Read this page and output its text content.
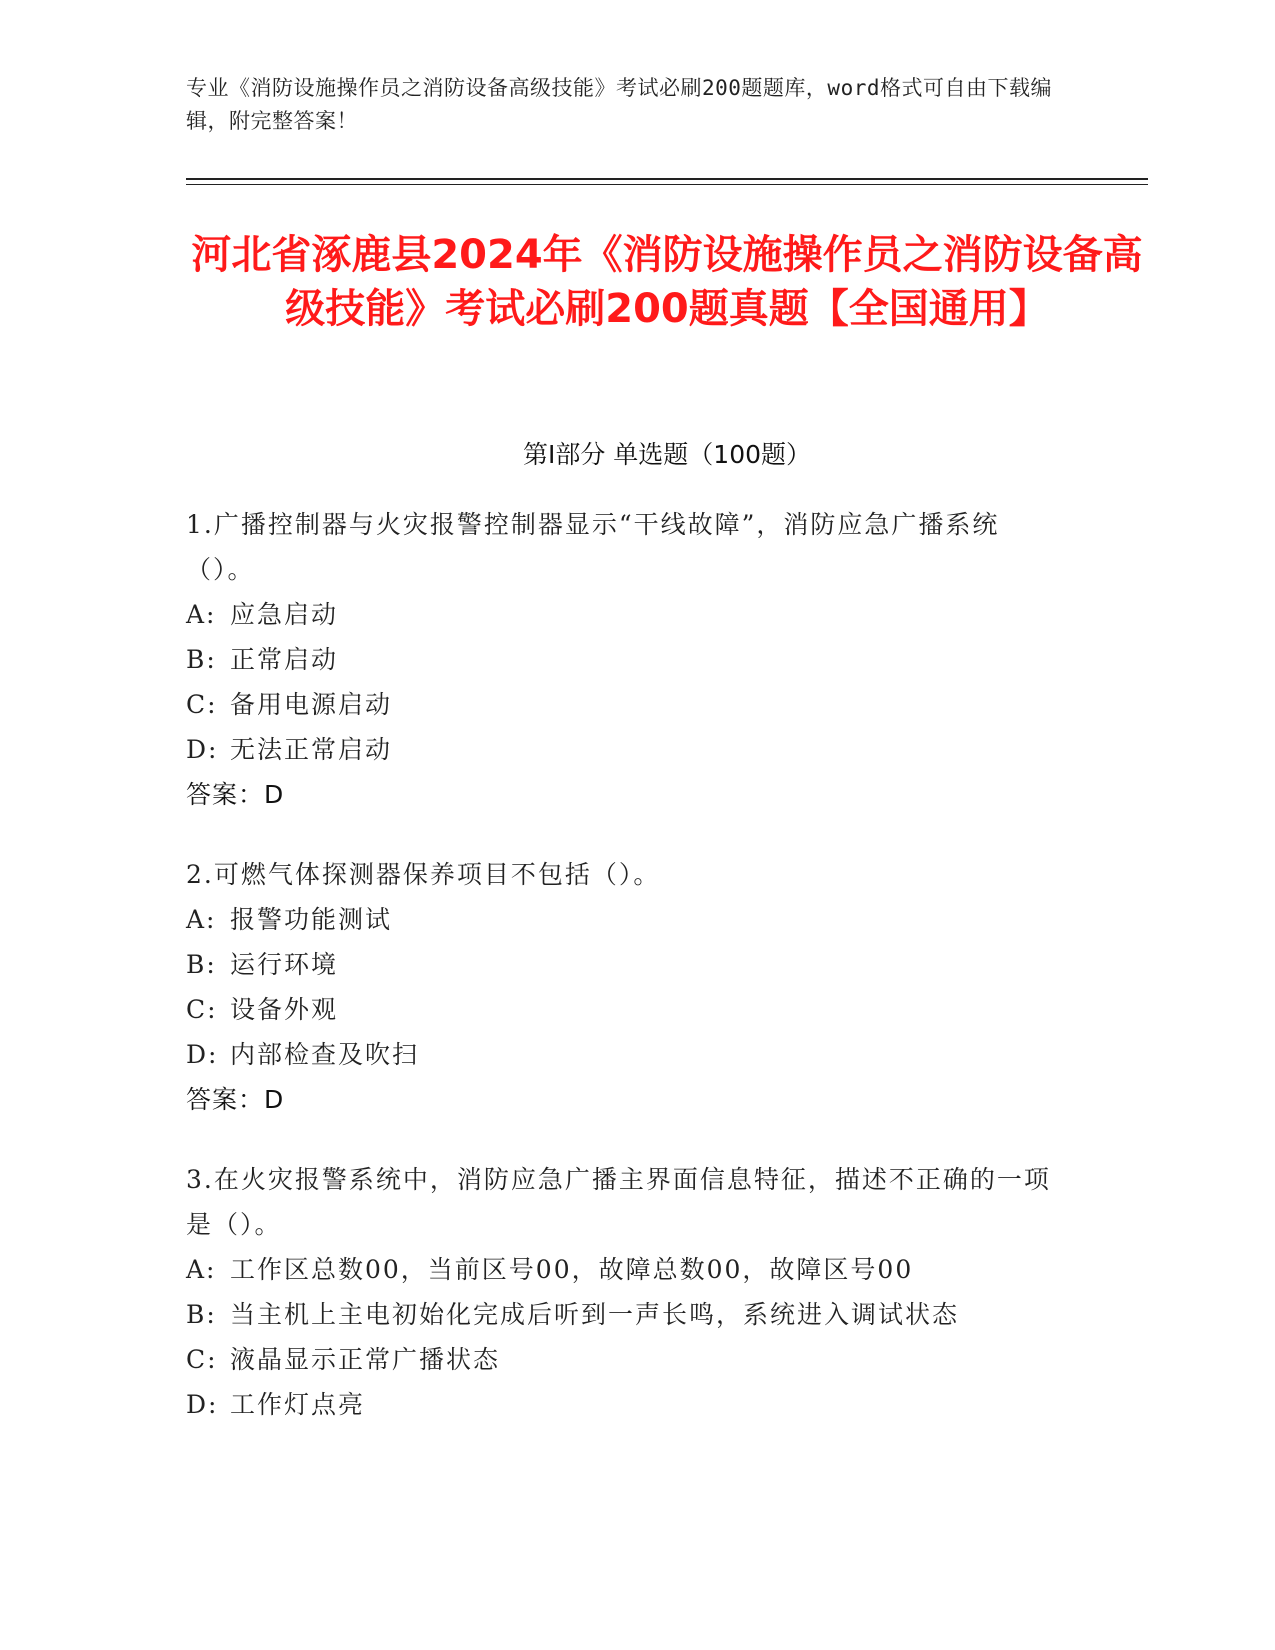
专业《消防设施操作员之消防设备高级技能》考试必刷200题题库，word格式可自由下载编辑，附完整答案！
河北省涿鹿县2024年《消防设施操作员之消防设备高级技能》考试必刷200题真题【全国通用】
第I部分 单选题（100题）
1.广播控制器与火灾报警控制器显示“干线故障”，消防应急广播系统（）。
A: 应急启动
B: 正常启动
C: 备用电源启动
D: 无法正常启动
答案：D
2.可燃气体探测器保养项目不包括（）。
A: 报警功能测试
B: 运行环境
C: 设备外观
D: 内部检查及吹扫
答案：D
3.在火灾报警系统中，消防应急广播主界面信息特征，描述不正确的一项是（）。
A: 工作区总数00，当前区号00，故障总数00，故障区号00
B: 当主机上主电初始化完成后听到一声长鸣，系统进入调试状态
C: 液晶显示正常广播状态
D: 工作灯点亮
